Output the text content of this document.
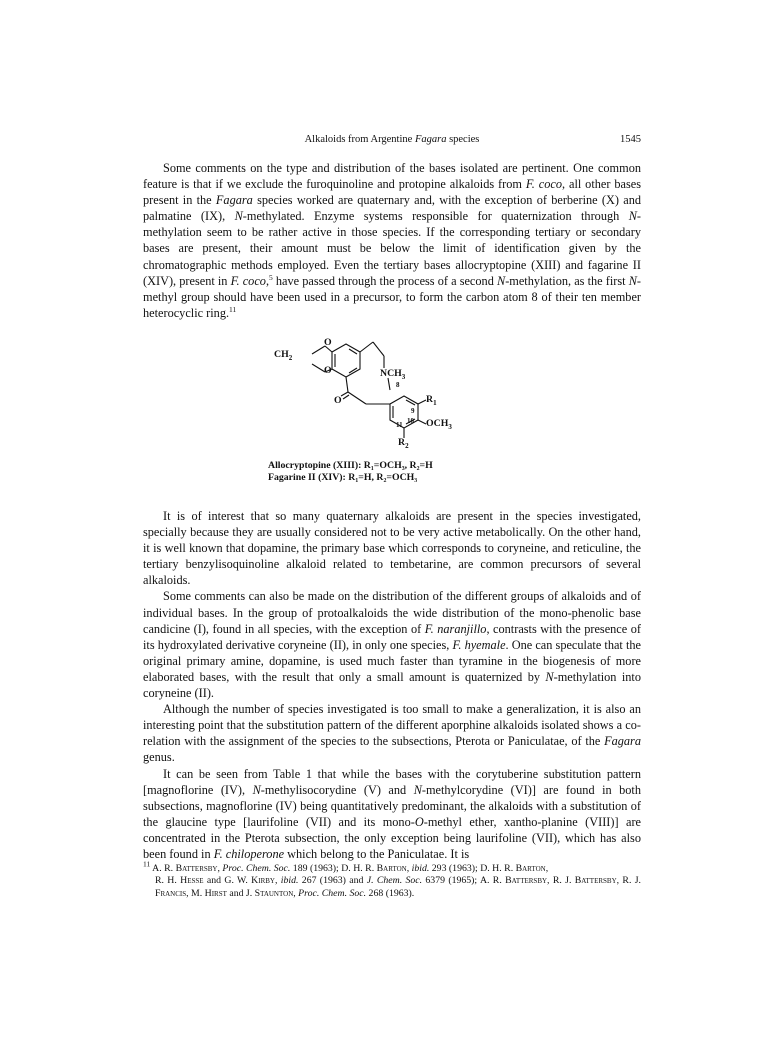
Alkaloids from Argentine Fagara species	1545

Some comments on the type and distribution of the bases isolated are pertinent. One common feature is that if we exclude the furoquinoline and protopine alkaloids from F. coco, all other bases present in the Fagara species worked are quaternary and, with the exception of berberine (X) and palmatine (IX), N-methylated. Enzyme systems responsible for quaternization through N-methylation seem to be rather active in those species. If the corresponding tertiary or secondary bases are present, their amount must be below the limit of identification given by the chromatographic methods employed. Even the tertiary bases allocryptopine (XIII) and fagarine II (XIV), present in F. coco,$^5$ have passed through the process of a second N-methylation, as the first N-methyl group should have been used in a precursor, to form the carbon atom 8 of their ten member heterocyclic ring.$^{11}$

$CH_2$
O
O
O
$NCH_3$
8
9
10
11
$R_1$
$OCH_3$
$R_2$
Allocryptopine (XIII): R₁=OCH₃, R₂=H
Fagarine II (XIV): R₁=H, R₂=OCH₃

It is of interest that so many quaternary alkaloids are present in the species investigated, specially because they are usually considered not to be very active metabolically. On the other hand, it is well known that dopamine, the primary base which corresponds to coryneine, and reticuline, the tertiary benzylisoquinoline alkaloid related to tembetarine, are common precursors of several alkaloids.

Some comments can also be made on the distribution of the different groups of alkaloids and of individual bases. In the group of protoalkaloids the wide distribution of the mono-phenolic base candicine (I), found in all species, with the exception of F. naranjillo, contrasts with the presence of its hydroxylated derivative coryneine (II), in only one species, F. hyemale. One can speculate that the original primary amine, dopamine, is used much faster than tyramine in the biogenesis of more elaborated bases, with the result that only a small amount is quaternized by N-methylation into coryneine (II).

Although the number of species investigated is too small to make a generalization, it is also an interesting point that the substitution pattern of the different aporphine alkaloids isolated shows a co-relation with the assignment of the species to the subsections, Pterota or Paniculatae, of the Fagara genus.

It can be seen from Table 1 that while the bases with the corytuberine substitution pattern [magnoflorine (IV), N-methylisocorydine (V) and N-methylcorydine (VI)] are found in both subsections, magnoflorine (IV) being quantitatively predominant, the alkaloids with a substitution of the glaucine type [laurifoline (VII) and its mono-O-methyl ether, xantho-planine (VIII)] are concentrated in the Pterota subsection, the only exception being laurifoline (VII), which has also been found in F. chiloperone which belong to the Paniculatae. It is

$^{11}$ A. R. Battersby, Proc. Chem. Soc. 189 (1963); D. H. R. Barton, ibid. 293 (1963); D. H. R. Barton,
R. H. Hesse and G. W. Kirby, ibid. 267 (1963) and J. Chem. Soc. 6379 (1965); A. R. Battersby, R. J. Battersby, R. J. Francis, M. Hirst and J. Staunton, Proc. Chem. Soc. 268 (1963).
